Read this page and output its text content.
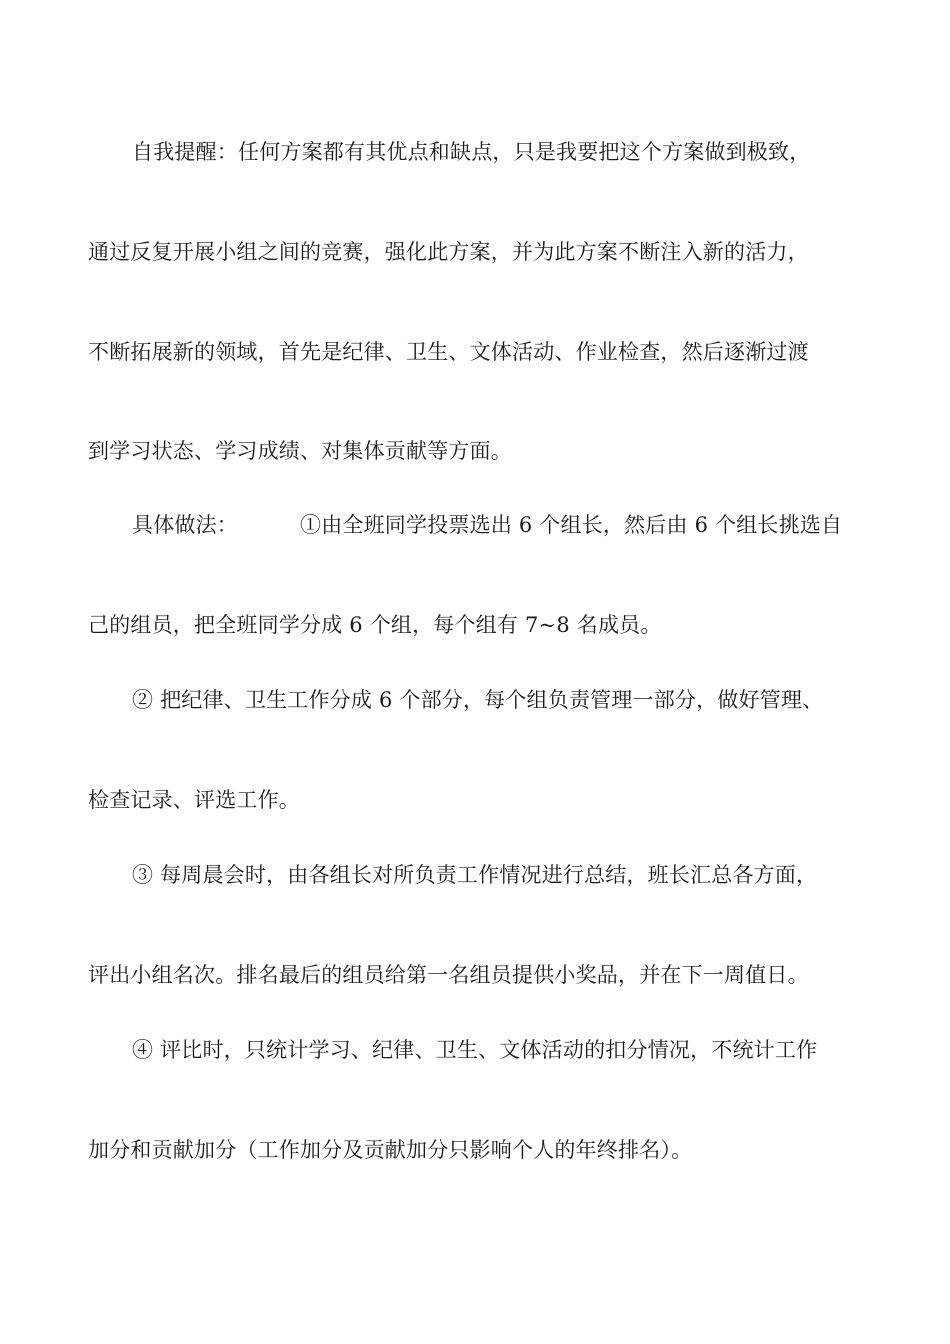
自我提醒：任何方案都有其优点和缺点，只是我要把这个方案做到极致，
通过反复开展小组之间的竞赛，强化此方案，并为此方案不断注入新的活力，
不断拓展新的领域，首先是纪律、卫生、文体活动、作业检查，然后逐渐过渡
到学习状态、学习成绩、对集体贡献等方面。
具体做法：	①由全班同学投票选出 6 个组长，然后由 6 个组长挑选自
己的组员，把全班同学分成 6 个组，每个组有 7~8 名成员。
② 把纪律、卫生工作分成 6 个部分，每个组负责管理一部分，做好管理、
检查记录、评选工作。
③ 每周晨会时，由各组长对所负责工作情况进行总结，班长汇总各方面，
评出小组名次。排名最后的组员给第一名组员提供小奖品，并在下一周值日。
④ 评比时，只统计学习、纪律、卫生、文体活动的扣分情况，不统计工作
加分和贡献加分（工作加分及贡献加分只影响个人的年终排名）。
